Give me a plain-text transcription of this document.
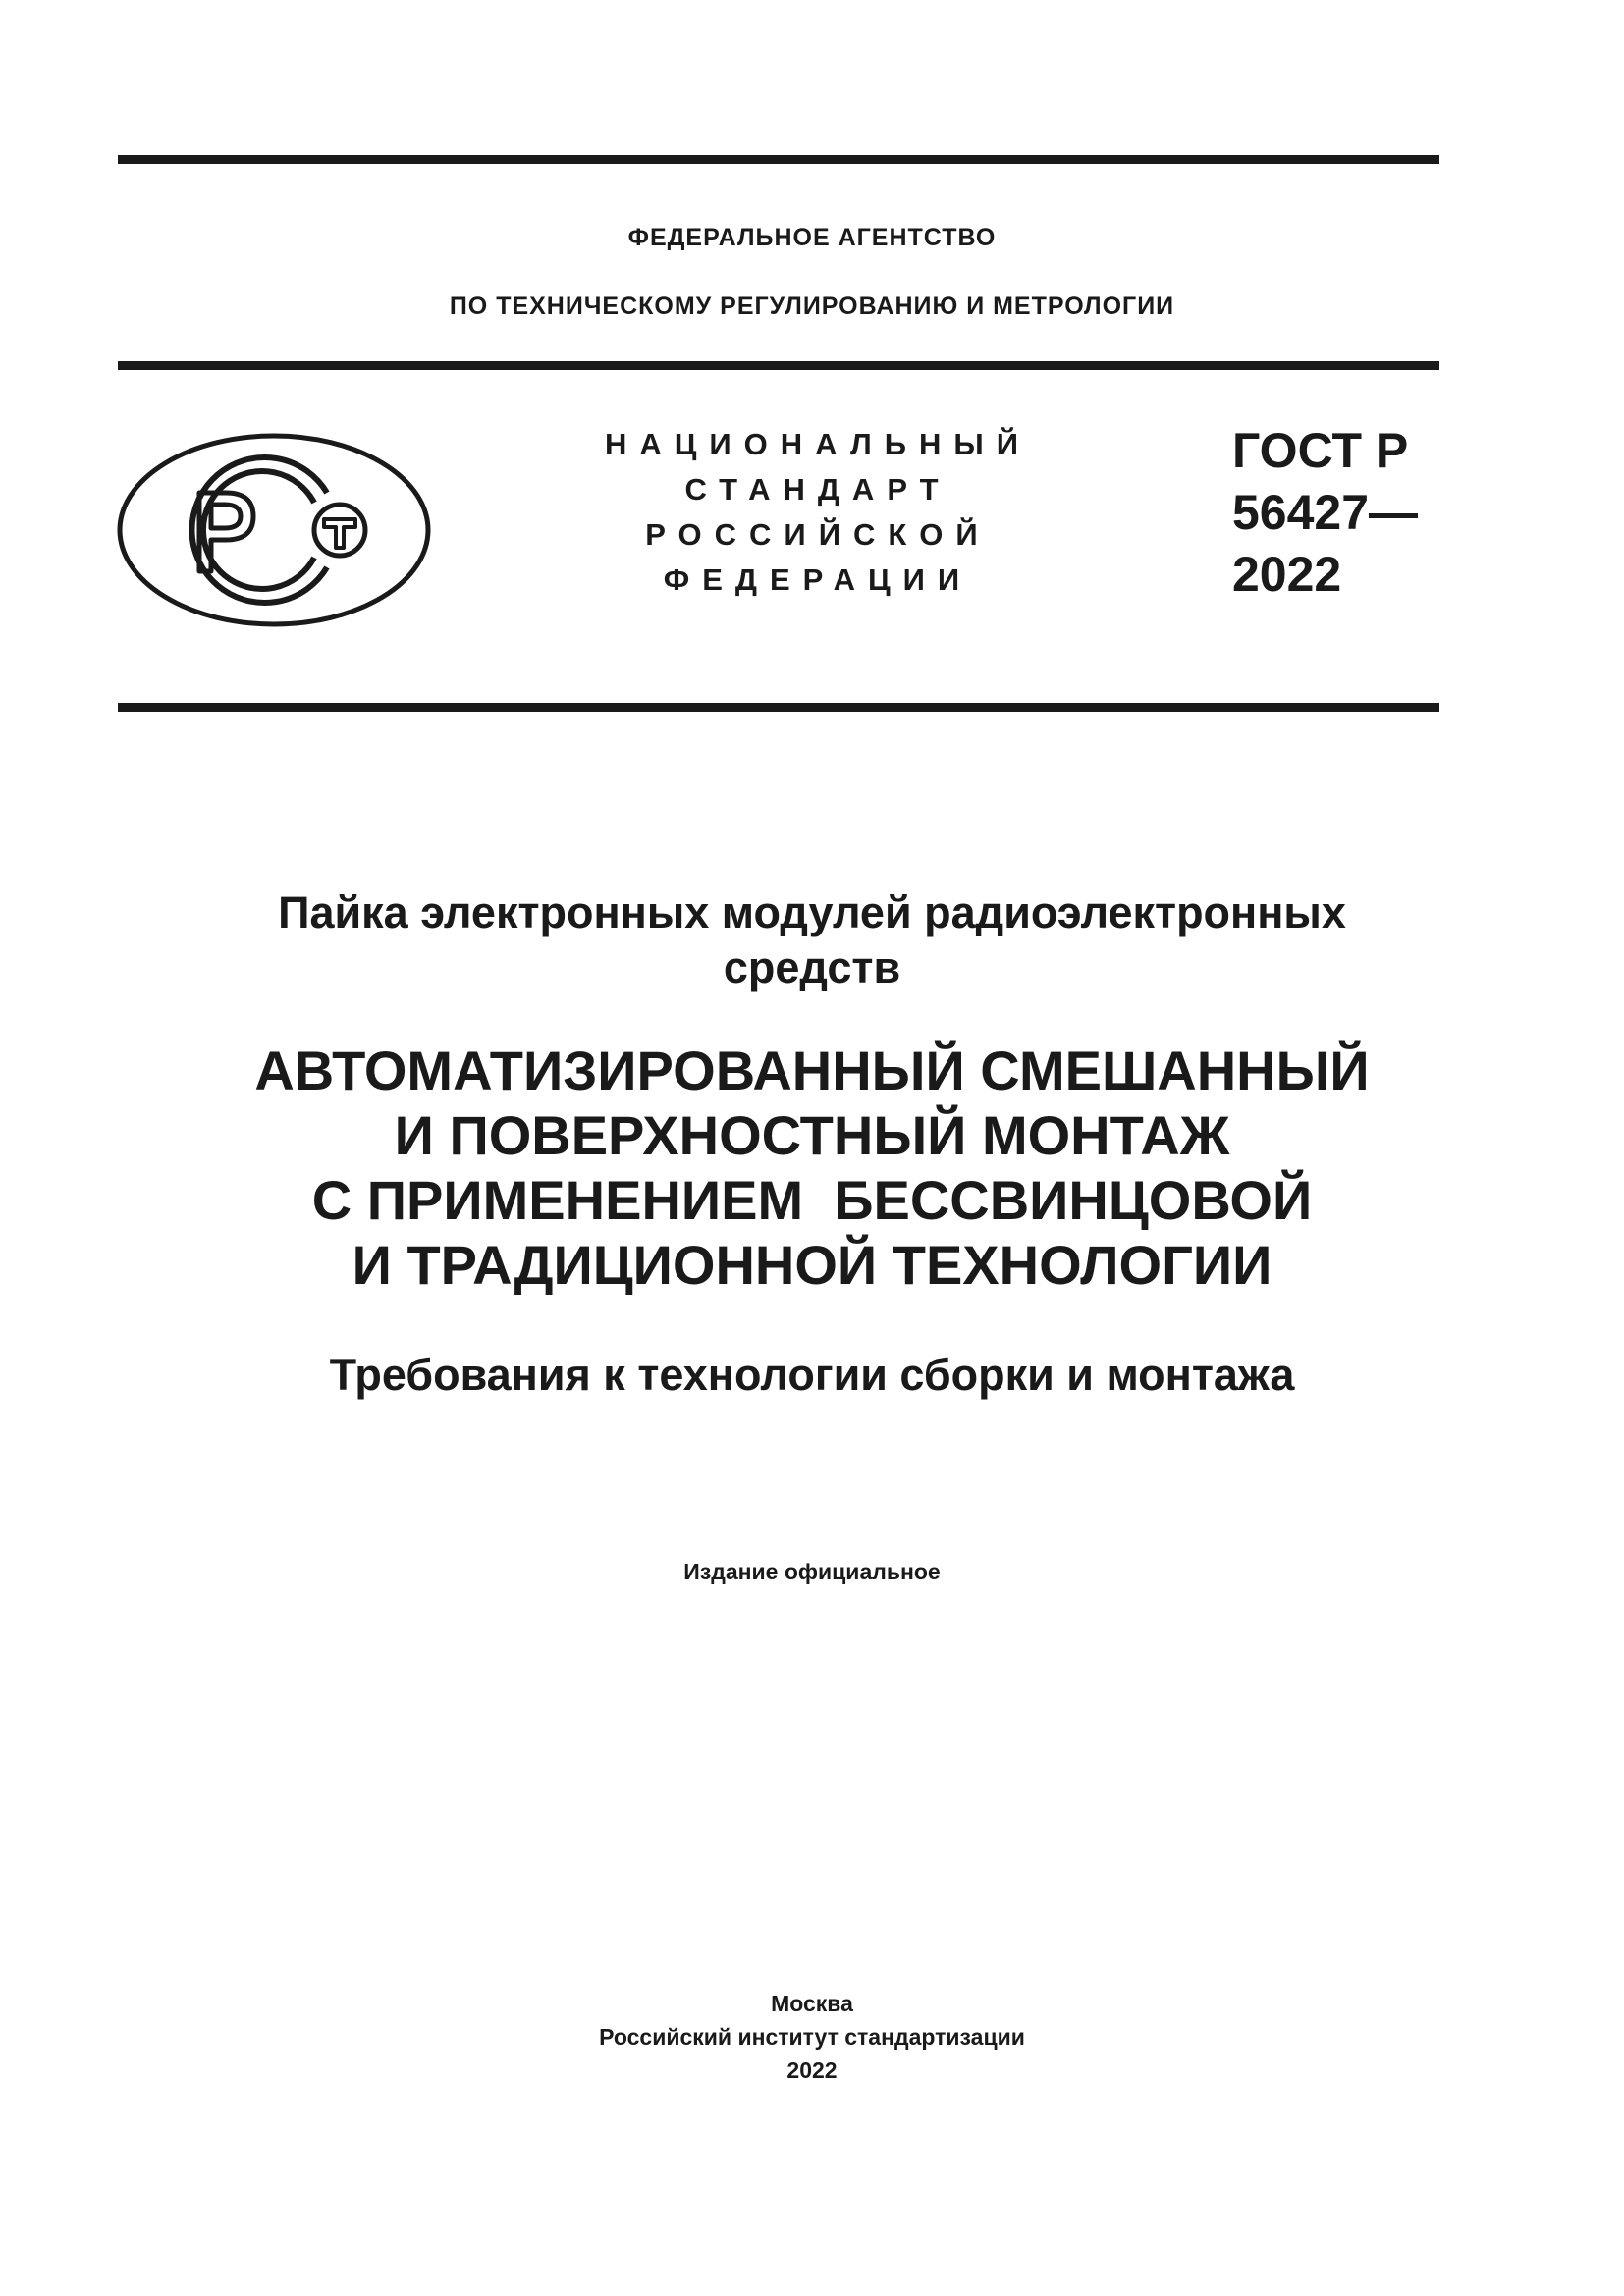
ФЕДЕРАЛЬНОЕ АГЕНТСТВО
ПО ТЕХНИЧЕСКОМУ РЕГУЛИРОВАНИЮ И МЕТРОЛОГИИ
НАЦИОНАЛЬНЫЙ
СТАНДАРТ
РОССИЙСКОЙ
ФЕДЕРАЦИИ
ГОСТ Р
56427—
2022
Пайка электронных модулей радиоэлектронных
средств
АВТОМАТИЗИРОВАННЫЙ СМЕШАННЫЙ
И ПОВЕРХНОСТНЫЙ МОНТАЖ
С ПРИМЕНЕНИЕМ  БЕССВИНЦОВОЙ
И ТРАДИЦИОННОЙ ТЕХНОЛОГИИ
Требования к технологии сборки и монтажа
Издание официальное
Москва
Российский институт стандартизации
2022
